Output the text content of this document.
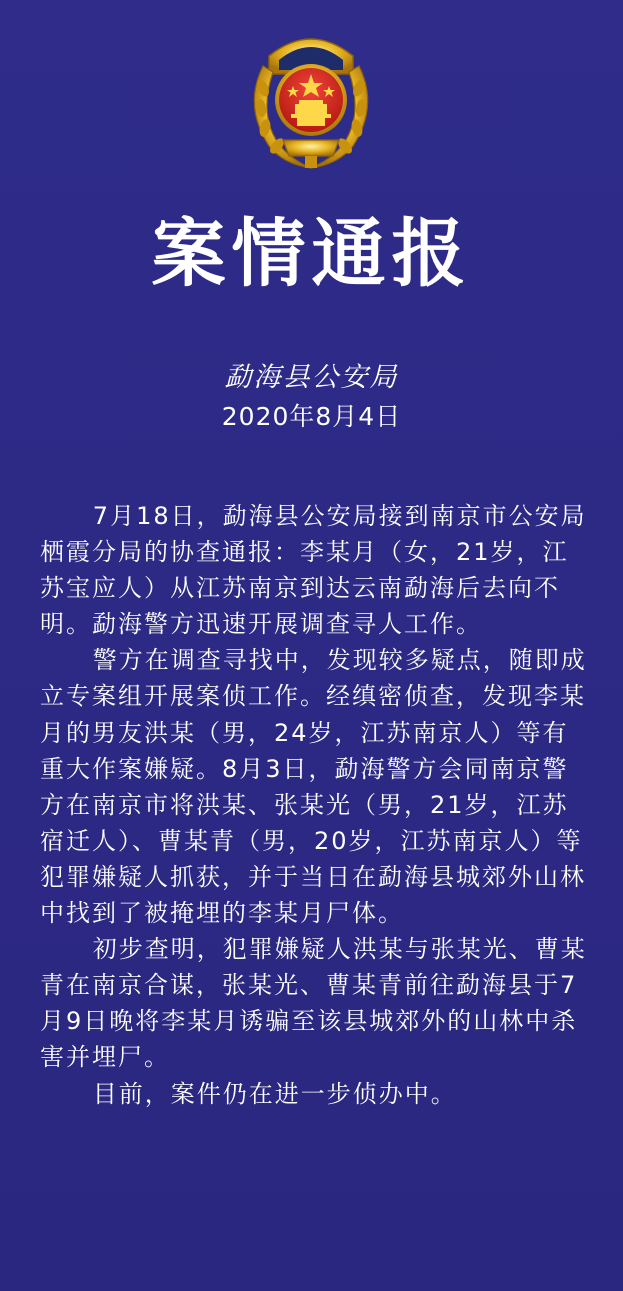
案情通报
勐海县公安局
2020年8月4日

7月18日，勐海县公安局接到南京市公安局栖霞分局的协查通报：李某月（女，21岁，江苏宝应人）从江苏南京到达云南勐海后去向不明。勐海警方迅速开展调查寻人工作。

警方在调查寻找中，发现较多疑点，随即成立专案组开展案侦工作。经缜密侦查，发现李某月的男友洪某（男，24岁，江苏南京人）等有重大作案嫌疑。8月3日，勐海警方会同南京警方在南京市将洪某、张某光（男，21岁，江苏宿迁人）、曹某青（男，20岁，江苏南京人）等犯罪嫌疑人抓获，并于当日在勐海县城郊外山林中找到了被掩埋的李某月尸体。

初步查明，犯罪嫌疑人洪某与张某光、曹某青在南京合谋，张某光、曹某青前往勐海县于7月9日晚将李某月诱骗至该县城郊外的山林中杀害并埋尸。

目前，案件仍在进一步侦办中。
